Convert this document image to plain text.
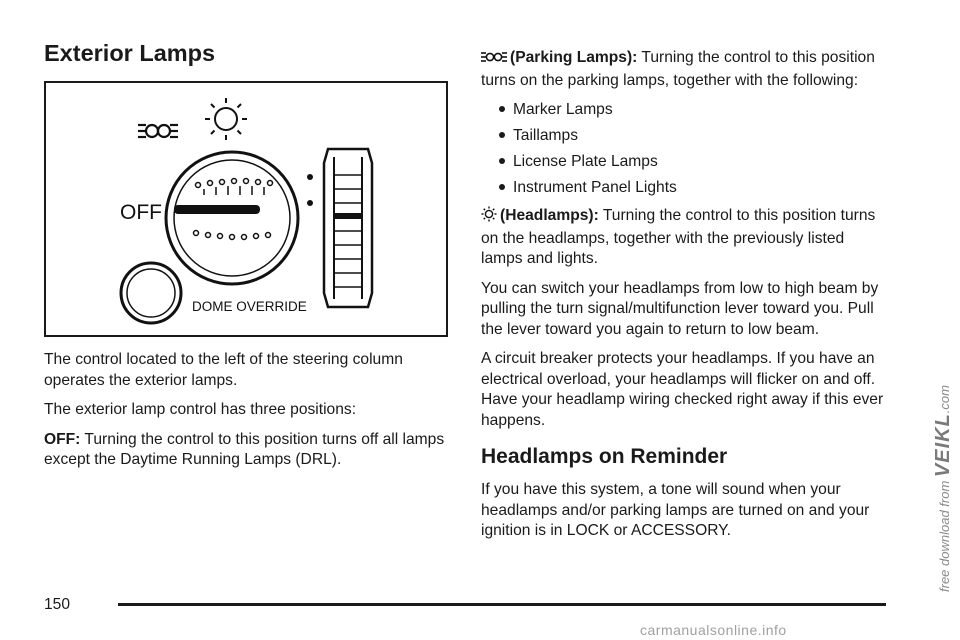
Exterior Lamps
OFF
DOME OVERRIDE

The control located to the left of the steering column operates the exterior lamps.

The exterior lamp control has three positions:

OFF: Turning the control to this position turns off all lamps except the Daytime Running Lamps (DRL).

(Parking Lamps): Turning the control to this position turns on the parking lamps, together with the following:

Marker Lamps
Taillamps
License Plate Lamps
Instrument Panel Lights

(Headlamps): Turning the control to this position turns on the headlamps, together with the previously listed lamps and lights.

You can switch your headlamps from low to high beam by pulling the turn signal/multifunction lever toward you. Pull the lever toward you again to return to low beam.

A circuit breaker protects your headlamps. If you have an electrical overload, your headlamps will flicker on and off. Have your headlamp wiring checked right away if this ever happens.

Headlamps on Reminder

If you have this system, a tone will sound when your headlamps and/or parking lamps are turned on and your ignition is in LOCK or ACCESSORY.

150
free download from VEIKL.com
carmanualsonline.info
